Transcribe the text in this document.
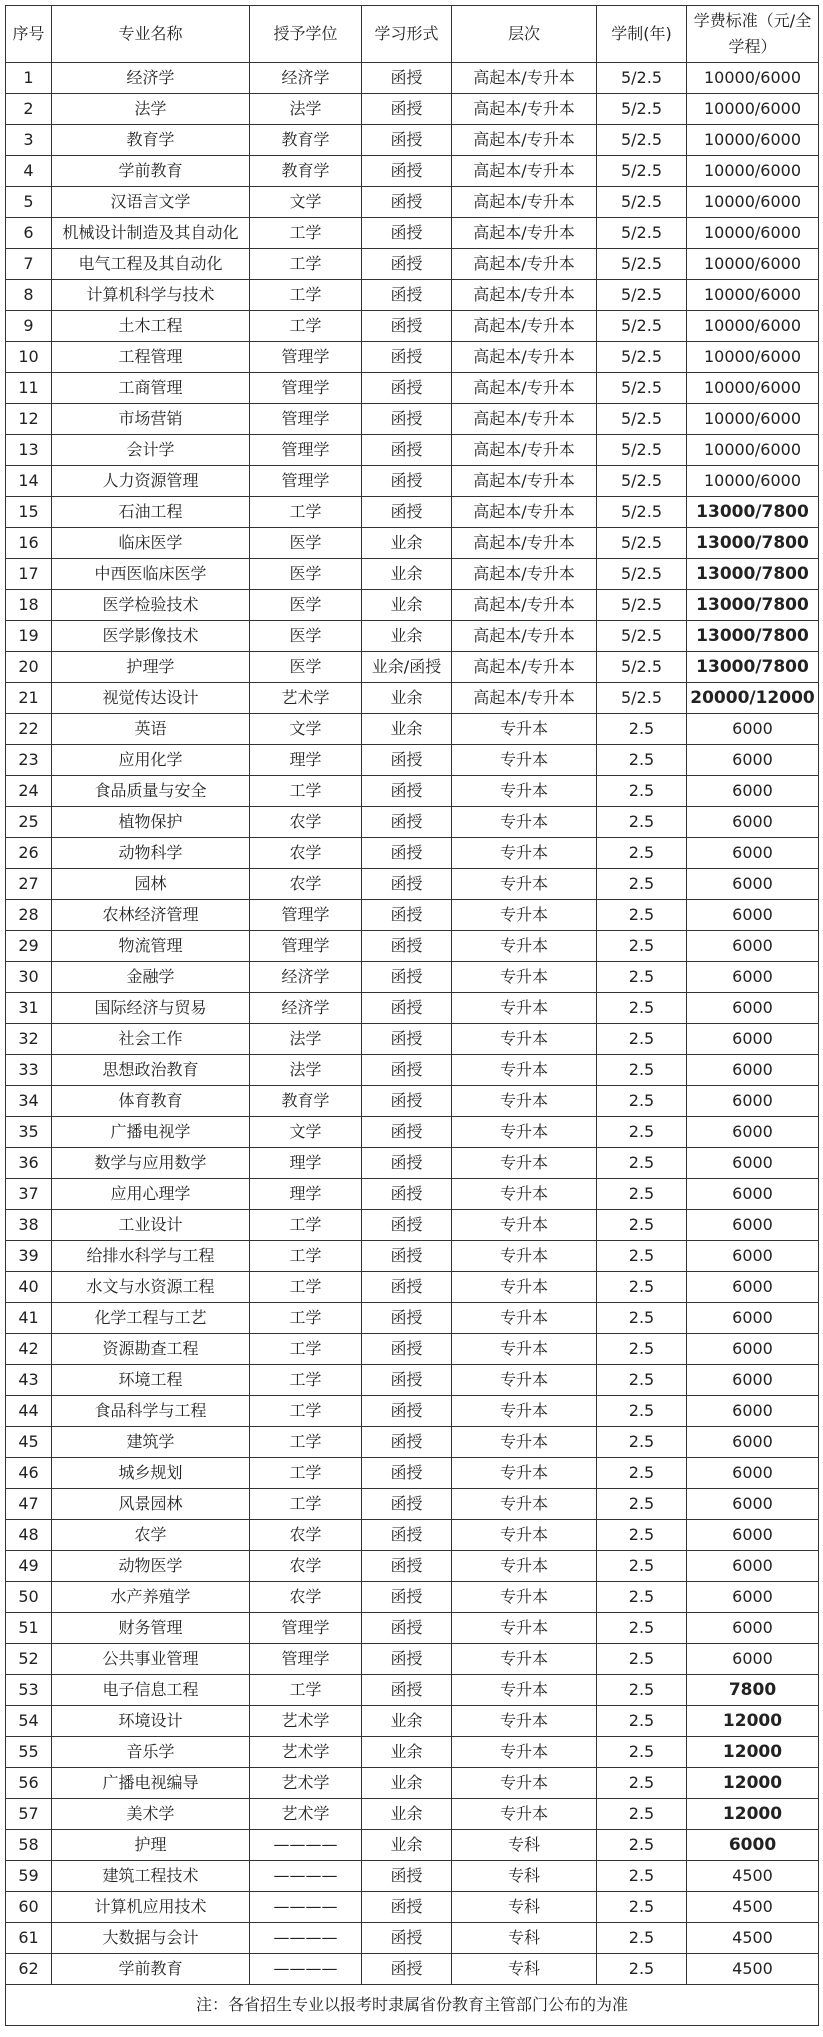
序号	专业名称	授予学位	学习形式	层次	学制(年)	学费标准（元/全学程）
1	经济学	经济学	函授	高起本/专升本	5/2.5	10000/6000
2	法学	法学	函授	高起本/专升本	5/2.5	10000/6000
3	教育学	教育学	函授	高起本/专升本	5/2.5	10000/6000
4	学前教育	教育学	函授	高起本/专升本	5/2.5	10000/6000
5	汉语言文学	文学	函授	高起本/专升本	5/2.5	10000/6000
6	机械设计制造及其自动化	工学	函授	高起本/专升本	5/2.5	10000/6000
7	电气工程及其自动化	工学	函授	高起本/专升本	5/2.5	10000/6000
8	计算机科学与技术	工学	函授	高起本/专升本	5/2.5	10000/6000
9	土木工程	工学	函授	高起本/专升本	5/2.5	10000/6000
10	工程管理	管理学	函授	高起本/专升本	5/2.5	10000/6000
11	工商管理	管理学	函授	高起本/专升本	5/2.5	10000/6000
12	市场营销	管理学	函授	高起本/专升本	5/2.5	10000/6000
13	会计学	管理学	函授	高起本/专升本	5/2.5	10000/6000
14	人力资源管理	管理学	函授	高起本/专升本	5/2.5	10000/6000
15	石油工程	工学	函授	高起本/专升本	5/2.5	13000/7800
16	临床医学	医学	业余	高起本/专升本	5/2.5	13000/7800
17	中西医临床医学	医学	业余	高起本/专升本	5/2.5	13000/7800
18	医学检验技术	医学	业余	高起本/专升本	5/2.5	13000/7800
19	医学影像技术	医学	业余	高起本/专升本	5/2.5	13000/7800
20	护理学	医学	业余/函授	高起本/专升本	5/2.5	13000/7800
21	视觉传达设计	艺术学	业余	高起本/专升本	5/2.5	20000/12000
22	英语	文学	业余	专升本	2.5	6000
23	应用化学	理学	函授	专升本	2.5	6000
24	食品质量与安全	工学	函授	专升本	2.5	6000
25	植物保护	农学	函授	专升本	2.5	6000
26	动物科学	农学	函授	专升本	2.5	6000
27	园林	农学	函授	专升本	2.5	6000
28	农林经济管理	管理学	函授	专升本	2.5	6000
29	物流管理	管理学	函授	专升本	2.5	6000
30	金融学	经济学	函授	专升本	2.5	6000
31	国际经济与贸易	经济学	函授	专升本	2.5	6000
32	社会工作	法学	函授	专升本	2.5	6000
33	思想政治教育	法学	函授	专升本	2.5	6000
34	体育教育	教育学	函授	专升本	2.5	6000
35	广播电视学	文学	函授	专升本	2.5	6000
36	数学与应用数学	理学	函授	专升本	2.5	6000
37	应用心理学	理学	函授	专升本	2.5	6000
38	工业设计	工学	函授	专升本	2.5	6000
39	给排水科学与工程	工学	函授	专升本	2.5	6000
40	水文与水资源工程	工学	函授	专升本	2.5	6000
41	化学工程与工艺	工学	函授	专升本	2.5	6000
42	资源勘查工程	工学	函授	专升本	2.5	6000
43	环境工程	工学	函授	专升本	2.5	6000
44	食品科学与工程	工学	函授	专升本	2.5	6000
45	建筑学	工学	函授	专升本	2.5	6000
46	城乡规划	工学	函授	专升本	2.5	6000
47	风景园林	工学	函授	专升本	2.5	6000
48	农学	农学	函授	专升本	2.5	6000
49	动物医学	农学	函授	专升本	2.5	6000
50	水产养殖学	农学	函授	专升本	2.5	6000
51	财务管理	管理学	函授	专升本	2.5	6000
52	公共事业管理	管理学	函授	专升本	2.5	6000
53	电子信息工程	工学	函授	专升本	2.5	7800
54	环境设计	艺术学	业余	专升本	2.5	12000
55	音乐学	艺术学	业余	专升本	2.5	12000
56	广播电视编导	艺术学	业余	专升本	2.5	12000
57	美术学	艺术学	业余	专升本	2.5	12000
58	护理	————	业余	专科	2.5	6000
59	建筑工程技术	————	函授	专科	2.5	4500
60	计算机应用技术	————	函授	专科	2.5	4500
61	大数据与会计	————	函授	专科	2.5	4500
62	学前教育	————	函授	专科	2.5	4500
注：各省招生专业以报考时隶属省份教育主管部门公布的为准						
